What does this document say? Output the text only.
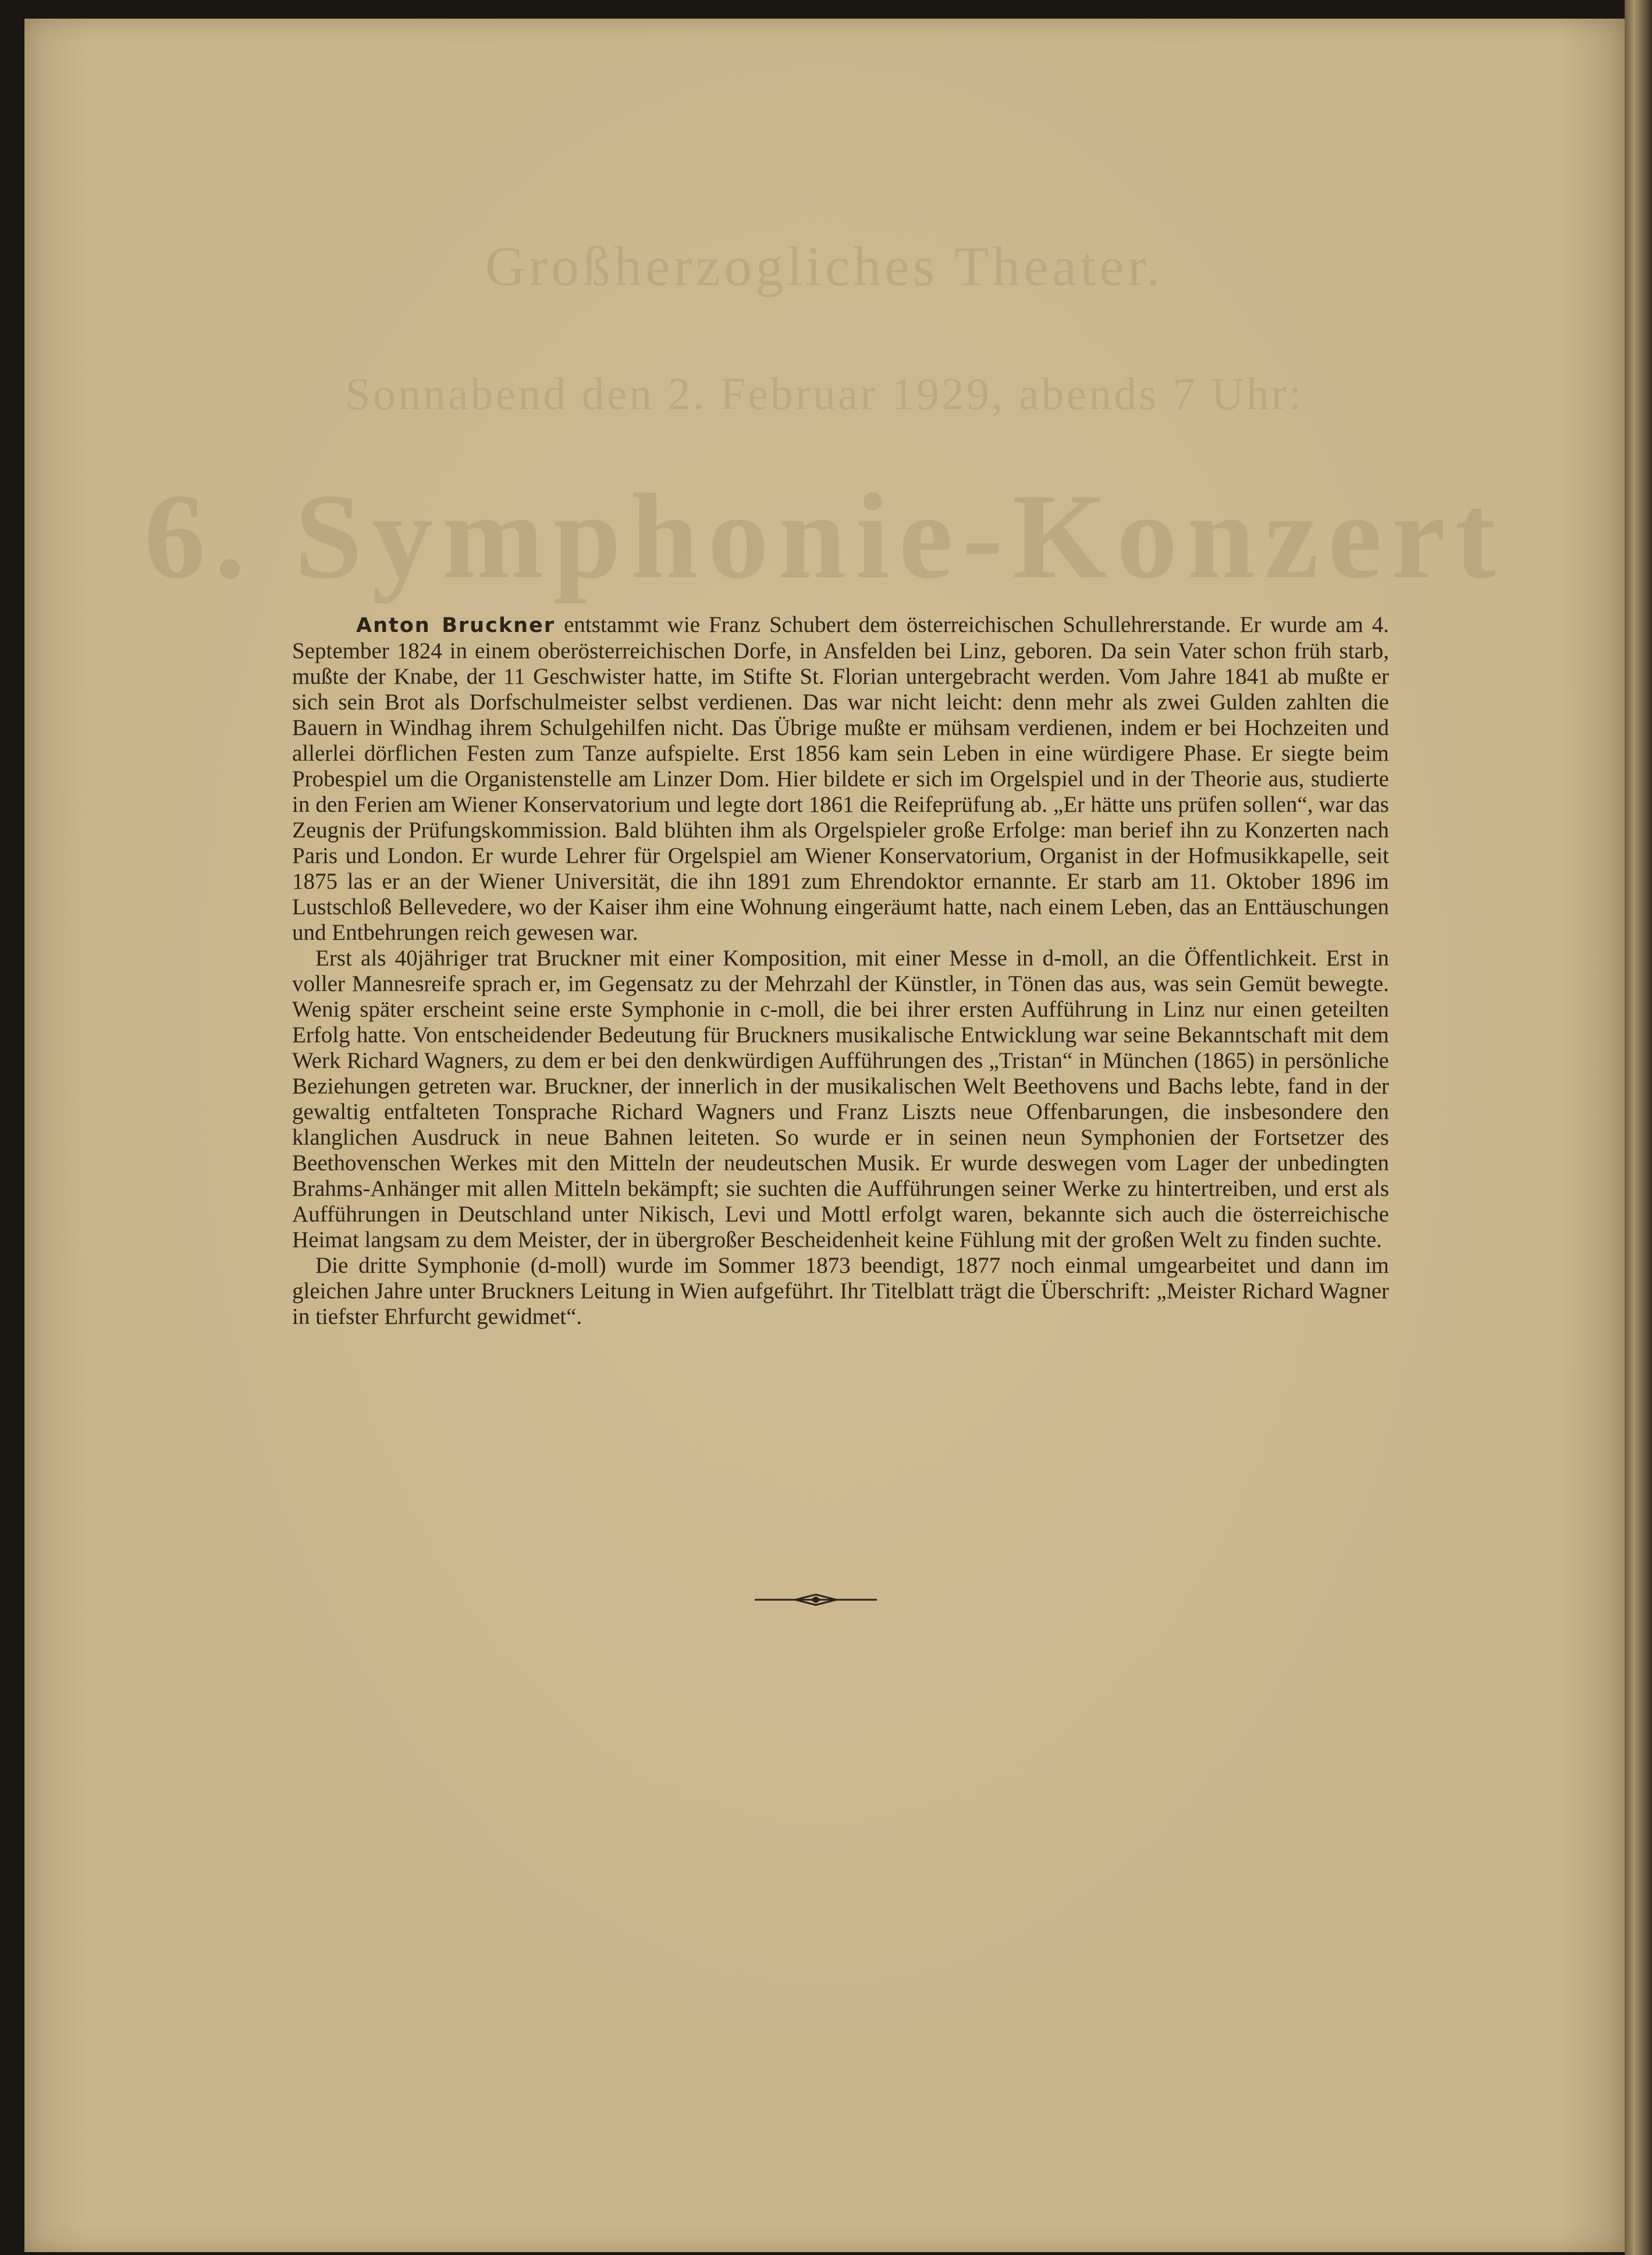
Großherzogliches Theater.
Sonnabend den 2. Februar 1929, abends 7 Uhr:
6. Symphonie-Konzert

Anton Bruckner entstammt wie Franz Schubert dem österreichischen Schullehrerstande. Er wurde am 4. September 1824 in einem oberösterreichischen Dorfe, in Ansfelden bei Linz, geboren. Da sein Vater schon früh starb, mußte der Knabe, der 11 Geschwister hatte, im Stifte St. Florian untergebracht werden. Vom Jahre 1841 ab mußte er sich sein Brot als Dorfschulmeister selbst verdienen. Das war nicht leicht: denn mehr als zwei Gulden zahlten die Bauern in Windhag ihrem Schulgehilfen nicht. Das Übrige mußte er mühsam verdienen, indem er bei Hochzeiten und allerlei dörflichen Festen zum Tanze aufspielte. Erst 1856 kam sein Leben in eine würdigere Phase. Er siegte beim Probespiel um die Organistenstelle am Linzer Dom. Hier bildete er sich im Orgelspiel und in der Theorie aus, studierte in den Ferien am Wiener Konservatorium und legte dort 1861 die Reifeprüfung ab. „Er hätte uns prüfen sollen“, war das Zeugnis der Prüfungskommission. Bald blühten ihm als Orgelspieler große Erfolge: man berief ihn zu Konzerten nach Paris und London. Er wurde Lehrer für Orgelspiel am Wiener Konservatorium, Organist in der Hofmusikkapelle, seit 1875 las er an der Wiener Universität, die ihn 1891 zum Ehrendoktor ernannte. Er starb am 11. Oktober 1896 im Lustschloß Bellevedere, wo der Kaiser ihm eine Wohnung eingeräumt hatte, nach einem Leben, das an Enttäuschungen und Entbehrungen reich gewesen war.

Erst als 40jähriger trat Bruckner mit einer Komposition, mit einer Messe in d-moll, an die Öffentlichkeit. Erst in voller Mannesreife sprach er, im Gegensatz zu der Mehrzahl der Künstler, in Tönen das aus, was sein Gemüt bewegte. Wenig später erscheint seine erste Symphonie in c-moll, die bei ihrer ersten Aufführung in Linz nur einen geteilten Erfolg hatte. Von entscheidender Bedeutung für Bruckners musikalische Entwicklung war seine Bekanntschaft mit dem Werk Richard Wagners, zu dem er bei den denkwürdigen Aufführungen des „Tristan“ in München (1865) in persönliche Beziehungen getreten war. Bruckner, der innerlich in der musikalischen Welt Beethovens und Bachs lebte, fand in der gewaltig entfalteten Tonsprache Richard Wagners und Franz Liszts neue Offenbarungen, die insbesondere den klanglichen Ausdruck in neue Bahnen leiteten. So wurde er in seinen neun Symphonien der Fortsetzer des Beethovenschen Werkes mit den Mitteln der neudeutschen Musik. Er wurde deswegen vom Lager der unbedingten Brahms-Anhänger mit allen Mitteln bekämpft; sie suchten die Aufführungen seiner Werke zu hintertreiben, und erst als Aufführungen in Deutschland unter Nikisch, Levi und Mottl erfolgt waren, bekannte sich auch die österreichische Heimat langsam zu dem Meister, der in übergroßer Bescheidenheit keine Fühlung mit der großen Welt zu finden suchte.

Die dritte Symphonie (d-moll) wurde im Sommer 1873 beendigt, 1877 noch einmal umgearbeitet und dann im gleichen Jahre unter Bruckners Leitung in Wien aufgeführt. Ihr Titelblatt trägt die Überschrift: „Meister Richard Wagner in tiefster Ehrfurcht gewidmet“.
